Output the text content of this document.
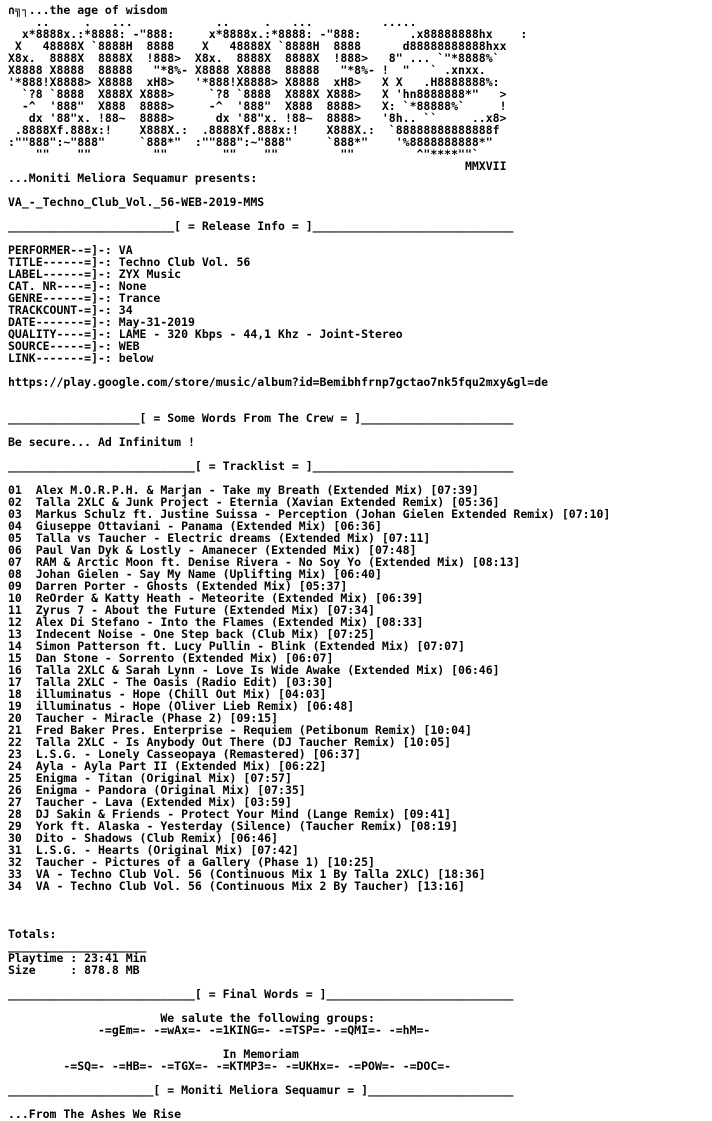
∩╗┐...the age of wisdom
..     .   ...            ..     .   ...          .....
x*8888x.:*8888: -"888:     x*8888x.:*8888: -"888:       .x88888888hx    :
X   48888X `8888H  8888    X   48888X `8888H  8888      d88888888888hxx
X8x.  8888X  8888X  !888>  X8x.  8888X  8888X  !888>   8" ... `"*8888%`
X8888 X8888  88888   "*8%- X8888 X8888  88888   "*8%- !  "   ` .xnxx.
'*888!X8888> X8888  xH8>   '*888!X8888> X8888  xH8>   X X   .H8888888%:
`?8 `8888  X888X X888>     `?8 `8888  X888X X888>   X 'hn8888888*"   >
-^  '888"  X888  8888>     -^  '888"  X888  8888>   X: `*88888%`     !
dx '88"x. !88~  8888>      dx '88"x. !88~  8888>   '8h.. ``     ..x8>
.8888Xf.888x:!    X888X.:  .8888Xf.888x:!    X888X.:  `88888888888888f
:""888":~"888"     `888*"  :""888":~"888"     `888*"    '%8888888888*"
""    ""         ""        ""    ""         ""         ^"****""`
MMXVII
...Moniti Meliora Sequamur presents:
VA_-_Techno_Club_Vol._56-WEB-2019-MMS
________________________[ = Release Info = ]_____________________________
PERFORMER--=]-: VA
TITLE------=]-: Techno Club Vol. 56
LABEL------=]-: ZYX Music
CAT. NR----=]-: None
GENRE------=]-: Trance
TRACKCOUNT-=]-: 34
DATE-------=]-: May-31-2019
QUALITY----=]-: LAME - 320 Kbps - 44,1 Khz - Joint-Stereo
SOURCE-----=]-: WEB
LINK-------=]-: below
https://play.google.com/store/music/album?id=Bemibhfrnp7gctao7nk5fqu2mxy&gl=de
___________________[ = Some Words From The Crew = ]______________________
Be secure... Ad Infinitum !
___________________________[ = Tracklist = ]_____________________________
01  Alex M.O.R.P.H. & Marjan - Take my Breath (Extended Mix) [07:39]
02  Talla 2XLC & Junk Project - Eternia (Xavian Extended Remix) [05:36]
03  Markus Schulz ft. Justine Suissa - Perception (Johan Gielen Extended Remix) [07:10]
04  Giuseppe Ottaviani - Panama (Extended Mix) [06:36]
05  Talla vs Taucher - Electric dreams (Extended Mix) [07:11]
06  Paul Van Dyk & Lostly - Amanecer (Extended Mix) [07:48]
07  RAM & Arctic Moon ft. Denise Rivera - No Soy Yo (Extended Mix) [08:13]
08  Johan Gielen - Say My Name (Uplifting Mix) [06:40]
09  Darren Porter - Ghosts (Extended Mix) [05:37]
10  ReOrder & Katty Heath - Meteorite (Extended Mix) [06:39]
11  Zyrus 7 - About the Future (Extended Mix) [07:34]
12  Alex Di Stefano - Into the Flames (Extended Mix) [08:33]
13  Indecent Noise - One Step back (Club Mix) [07:25]
14  Simon Patterson ft. Lucy Pullin - Blink (Extended Mix) [07:07]
15  Dan Stone - Sorrento (Extended Mix) [06:07]
16  Talla 2XLC & Sarah Lynn - Love Is Wide Awake (Extended Mix) [06:46]
17  Talla 2XLC - The Oasis (Radio Edit) [03:30]
18  illuminatus - Hope (Chill Out Mix) [04:03]
19  illuminatus - Hope (Oliver Lieb Remix) [06:48]
20  Taucher - Miracle (Phase 2) [09:15]
21  Fred Baker Pres. Enterprise - Requiem (Petibonum Remix) [10:04]
22  Talla 2XLC - Is Anybody Out There (DJ Taucher Remix) [10:05]
23  L.S.G. - Lonely Casseopaya (Remastered) [06:37]
24  Ayla - Ayla Part II (Extended Mix) [06:22]
25  Enigma - Titan (Original Mix) [07:57]
26  Enigma - Pandora (Original Mix) [07:35]
27  Taucher - Lava (Extended Mix) [03:59]
28  DJ Sakin & Friends - Protect Your Mind (Lange Remix) [09:41]
29  York ft. Alaska - Yesterday (Silence) (Taucher Remix) [08:19]
30  Dito - Shadows (Club Remix) [06:46]
31  L.S.G. - Hearts (Original Mix) [07:42]
32  Taucher - Pictures of a Gallery (Phase 1) [10:25]
33  VA - Techno Club Vol. 56 (Continuous Mix 1 By Talla 2XLC) [18:36]
34  VA - Techno Club Vol. 56 (Continuous Mix 2 By Taucher) [13:16]
Totals:
____________________
Playtime : 23:41 Min
Size     : 878.8 MB
___________________________[ = Final Words = ]___________________________
We salute the following groups:
-=gEm=- -=wAx=- -=1KING=- -=TSP=- -=QMI=- -=hM=-
In Memoriam
-=SQ=- -=HB=- -=TGX=- -=KTMP3=- -=UKHx=- -=POW=- -=DOC=-
_____________________[ = Moniti Meliora Sequamur = ]_____________________
...From The Ashes We Rise
